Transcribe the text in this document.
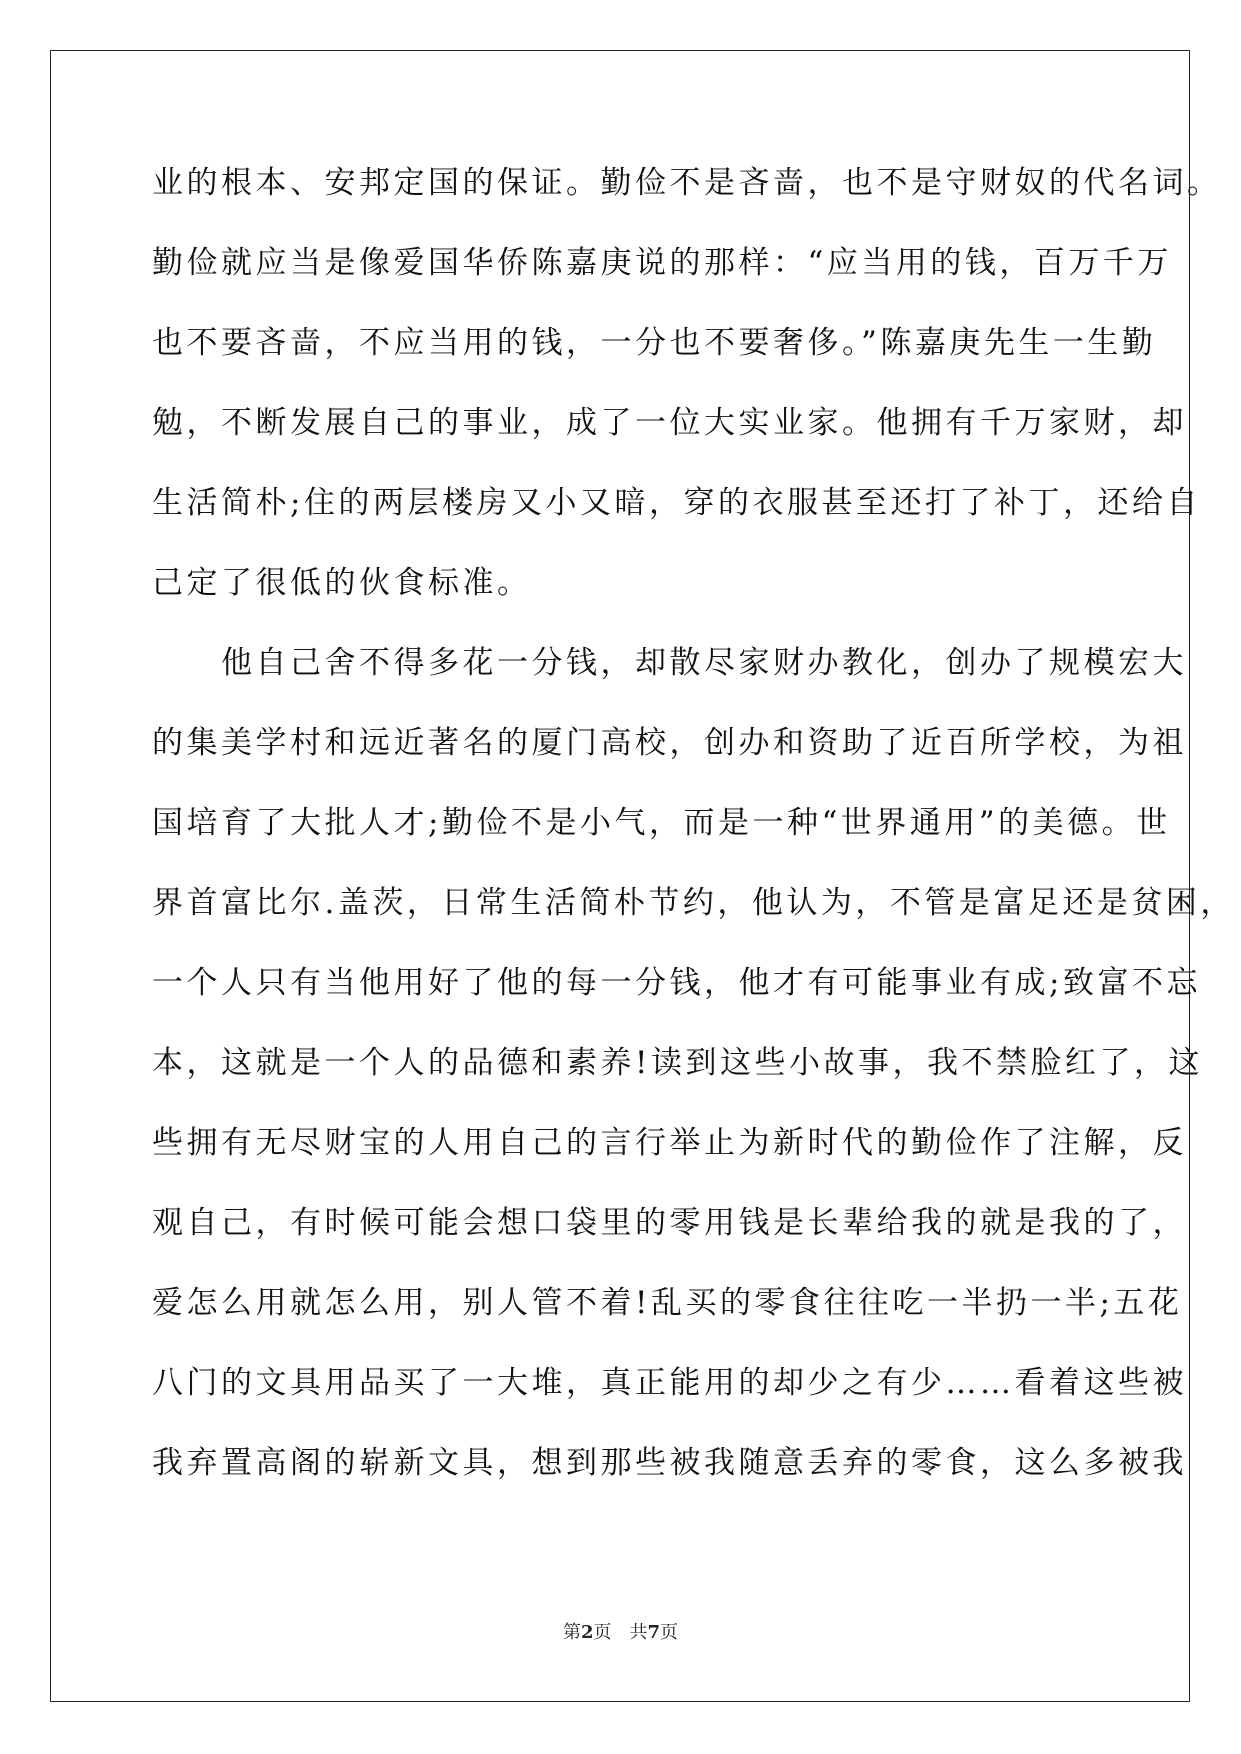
业的根本、安邦定国的保证。勤俭不是吝啬，也不是守财奴的代名词。
勤俭就应当是像爱国华侨陈嘉庚说的那样：“应当用的钱，百万千万
也不要吝啬，不应当用的钱，一分也不要奢侈。”陈嘉庚先生一生勤
勉，不断发展自己的事业，成了一位大实业家。他拥有千万家财，却
生活简朴;住的两层楼房又小又暗，穿的衣服甚至还打了补丁，还给自
己定了很低的伙食标准。
　　他自己舍不得多花一分钱，却散尽家财办教化，创办了规模宏大
的集美学村和远近著名的厦门高校，创办和资助了近百所学校，为祖
国培育了大批人才;勤俭不是小气，而是一种“世界通用”的美德。世
界首富比尔.盖茨，日常生活简朴节约，他认为，不管是富足还是贫困，
一个人只有当他用好了他的每一分钱，他才有可能事业有成;致富不忘
本，这就是一个人的品德和素养!读到这些小故事，我不禁脸红了，这
些拥有无尽财宝的人用自己的言行举止为新时代的勤俭作了注解，反
观自己，有时候可能会想口袋里的零用钱是长辈给我的就是我的了，
爱怎么用就怎么用，别人管不着!乱买的零食往往吃一半扔一半;五花
八门的文具用品买了一大堆，真正能用的却少之有少……看着这些被
我弃置高阁的崭新文具，想到那些被我随意丢弃的零食，这么多被我
第2页 共7页
